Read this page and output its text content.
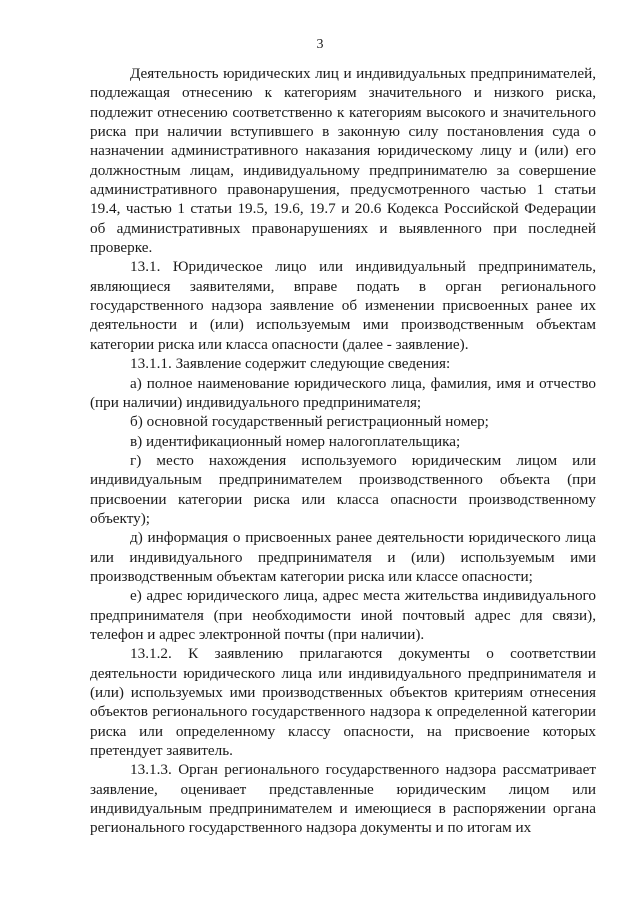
3

Деятельность юридических лиц и индивидуальных предпринимателей, подлежащая отнесению к категориям значительного и низкого риска, подлежит отнесению соответственно к категориям высокого и значительного риска при наличии вступившего в законную силу постановления суда о назначении административного наказания юридическому лицу и (или) его должностным лицам, индивидуальному предпринимателю за совершение административного правонарушения, предусмотренного частью 1 статьи 19.4, частью 1 статьи 19.5, 19.6, 19.7 и 20.6 Кодекса Российской Федерации об административных правонарушениях и выявленного при последней проверке.

13.1. Юридическое лицо или индивидуальный предприниматель, являющиеся заявителями, вправе подать в орган регионального государственного надзора заявление об изменении присвоенных ранее их деятельности и (или) используемым ими производственным объектам категории риска или класса опасности (далее - заявление).

13.1.1. Заявление содержит следующие сведения:

а) полное наименование юридического лица, фамилия, имя и отчество (при наличии) индивидуального предпринимателя;

б) основной государственный регистрационный номер;

в) идентификационный номер налогоплательщика;

г) место нахождения используемого юридическим лицом или индивидуальным предпринимателем производственного объекта (при присвоении категории риска или класса опасности производственному объекту);

д) информация о присвоенных ранее деятельности юридического лица или индивидуального предпринимателя и (или) используемым ими производственным объектам категории риска или классе опасности;

е) адрес юридического лица, адрес места жительства индивидуального предпринимателя (при необходимости иной почтовый адрес для связи), телефон и адрес электронной почты (при наличии).

13.1.2. К заявлению прилагаются документы о соответствии деятельности юридического лица или индивидуального предпринимателя и (или) используемых ими производственных объектов критериям отнесения объектов регионального государственного надзора к определенной категории риска или определенному классу опасности, на присвоение которых претендует заявитель.

13.1.3. Орган регионального государственного надзора рассматривает заявление, оценивает представленные юридическим лицом или индивидуальным предпринимателем и имеющиеся в распоряжении органа регионального государственного надзора документы и по итогам их
